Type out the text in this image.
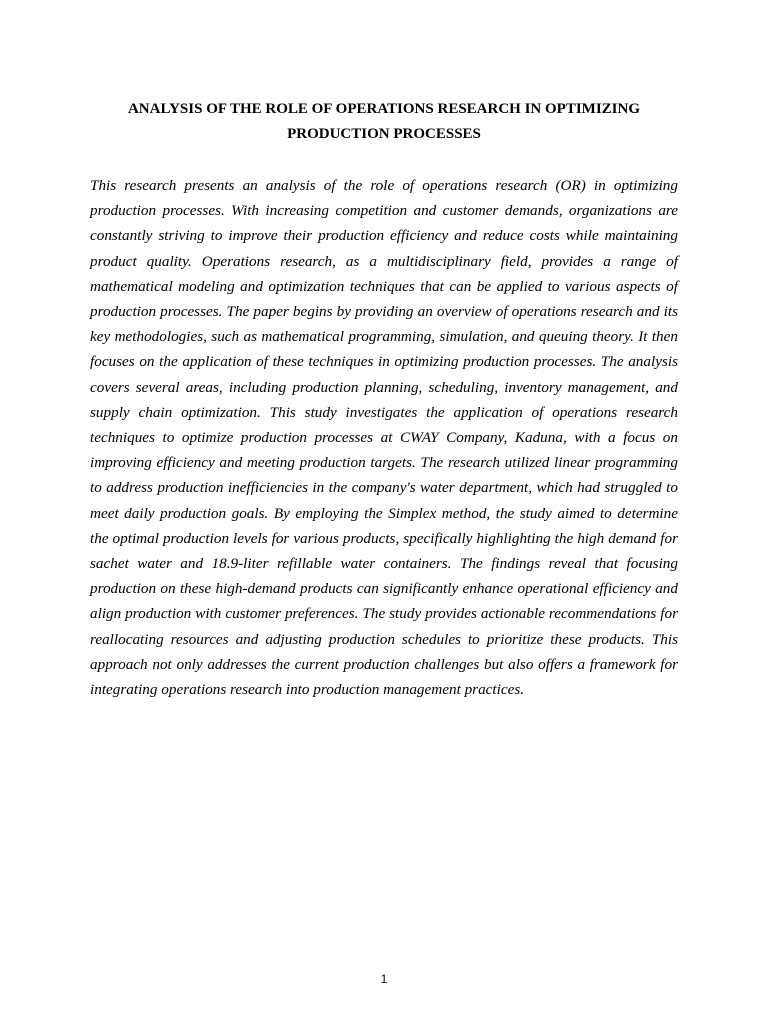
ANALYSIS OF THE ROLE OF OPERATIONS RESEARCH IN OPTIMIZING
PRODUCTION PROCESSES

This research presents an analysis of the role of operations research (OR) in optimizing production processes. With increasing competition and customer demands, organizations are constantly striving to improve their production efficiency and reduce costs while maintaining product quality. Operations research, as a multidisciplinary field, provides a range of mathematical modeling and optimization techniques that can be applied to various aspects of production processes. The paper begins by providing an overview of operations research and its key methodologies, such as mathematical programming, simulation, and queuing theory. It then focuses on the application of these techniques in optimizing production processes. The analysis covers several areas, including production planning, scheduling, inventory management, and supply chain optimization. This study investigates the application of operations research techniques to optimize production processes at CWAY Company, Kaduna, with a focus on improving efficiency and meeting production targets. The research utilized linear programming to address production inefficiencies in the company's water department, which had struggled to meet daily production goals. By employing the Simplex method, the study aimed to determine the optimal production levels for various products, specifically highlighting the high demand for sachet water and 18.9-liter refillable water containers. The findings reveal that focusing production on these high-demand products can significantly enhance operational efficiency and align production with customer preferences. The study provides actionable recommendations for reallocating resources and adjusting production schedules to prioritize these products. This approach not only addresses the current production challenges but also offers a framework for integrating operations research into production management practices.

1
